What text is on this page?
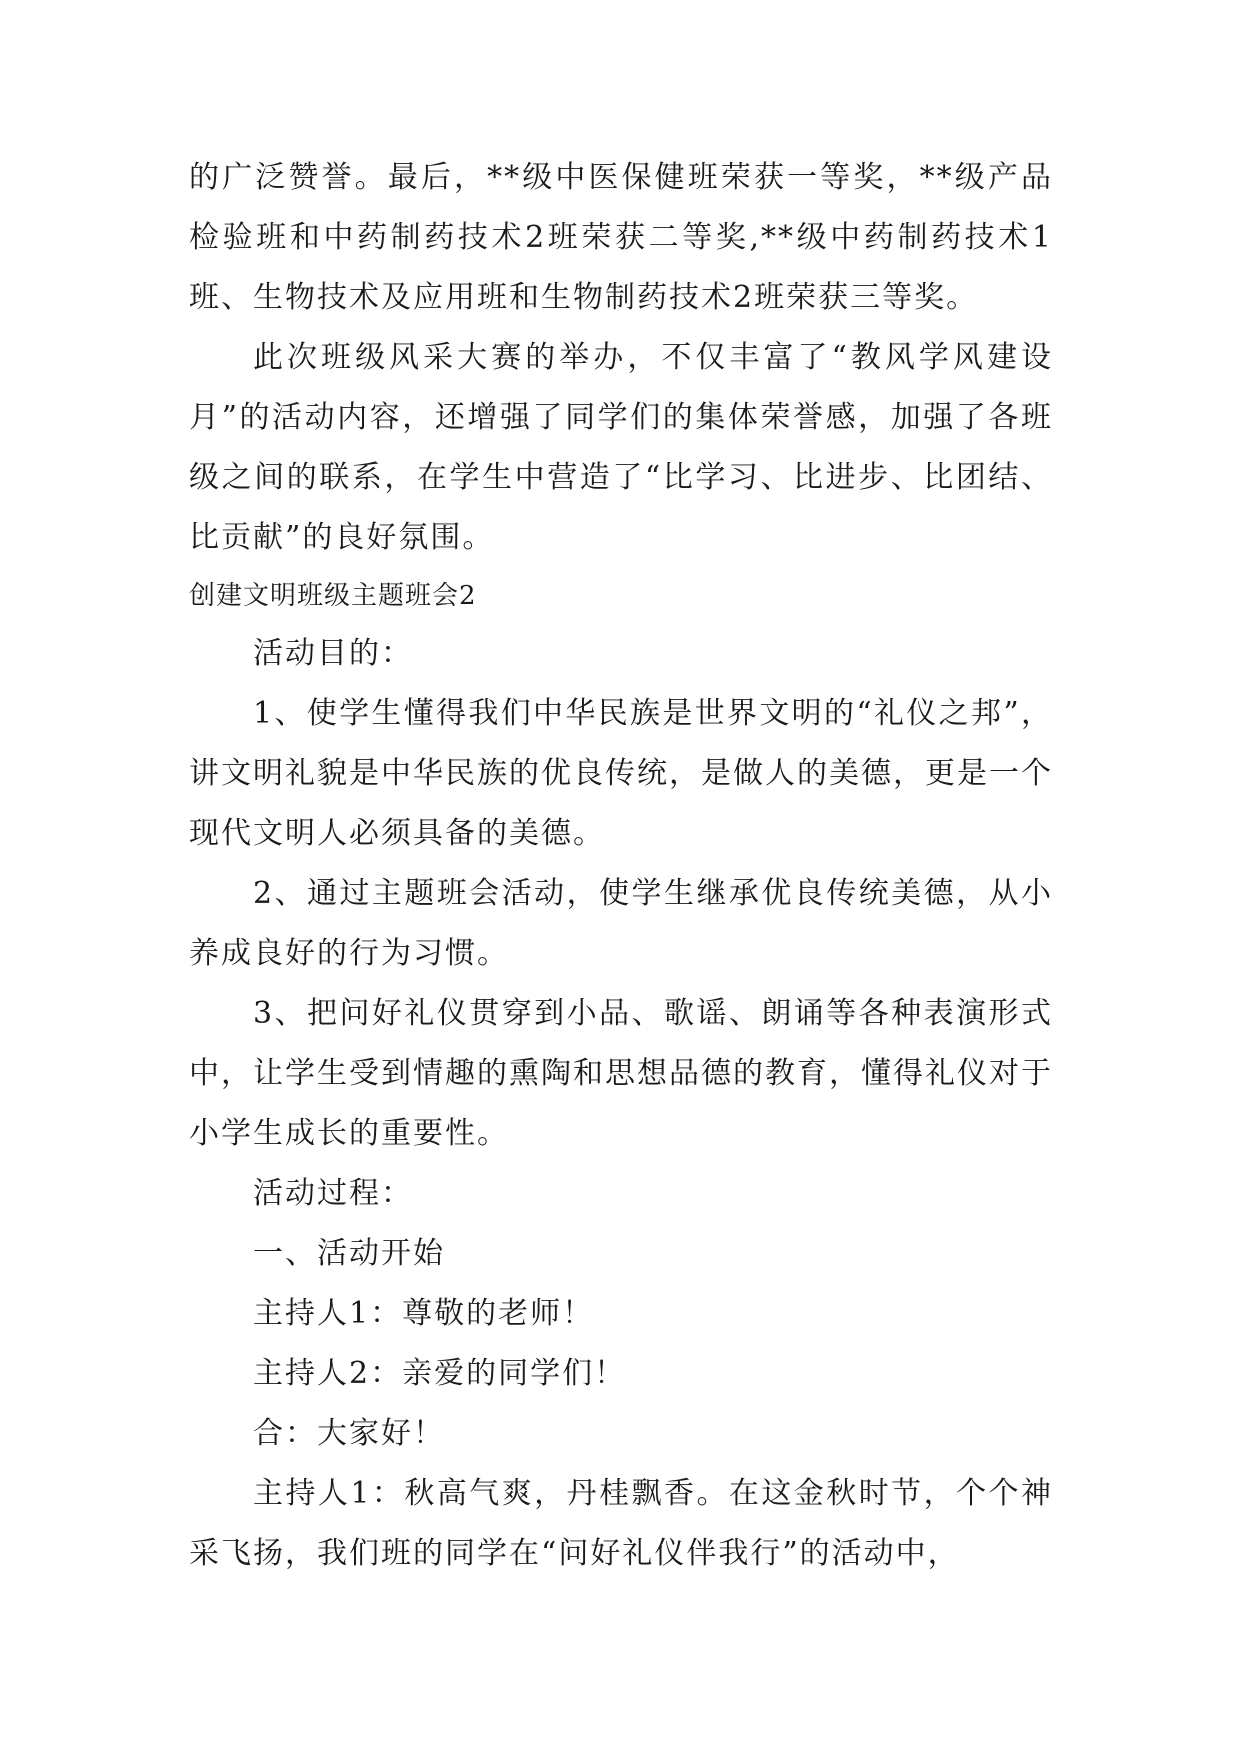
的广泛赞誉。最后，**级中医保健班荣获一等奖，**级产品检验班和中药制药技术2班荣获二等奖,**级中药制药技术1班、生物技术及应用班和生物制药技术2班荣获三等奖。

此次班级风采大赛的举办，不仅丰富了“教风学风建设月”的活动内容，还增强了同学们的集体荣誉感，加强了各班级之间的联系，在学生中营造了“比学习、比进步、比团结、比贡献”的良好氛围。

创建文明班级主题班会2

活动目的：

1、使学生懂得我们中华民族是世界文明的“礼仪之邦”，讲文明礼貌是中华民族的优良传统，是做人的美德，更是一个现代文明人必须具备的美德。

2、通过主题班会活动，使学生继承优良传统美德，从小养成良好的行为习惯。

3、把问好礼仪贯穿到小品、歌谣、朗诵等各种表演形式中，让学生受到情趣的熏陶和思想品德的教育，懂得礼仪对于小学生成长的重要性。

活动过程：

一、活动开始

主持人1：尊敬的老师！

主持人2：亲爱的同学们！

合：大家好！

主持人1：秋高气爽，丹桂飘香。在这金秋时节，个个神采飞扬，我们班的同学在“问好礼仪伴我行”的活动中，
